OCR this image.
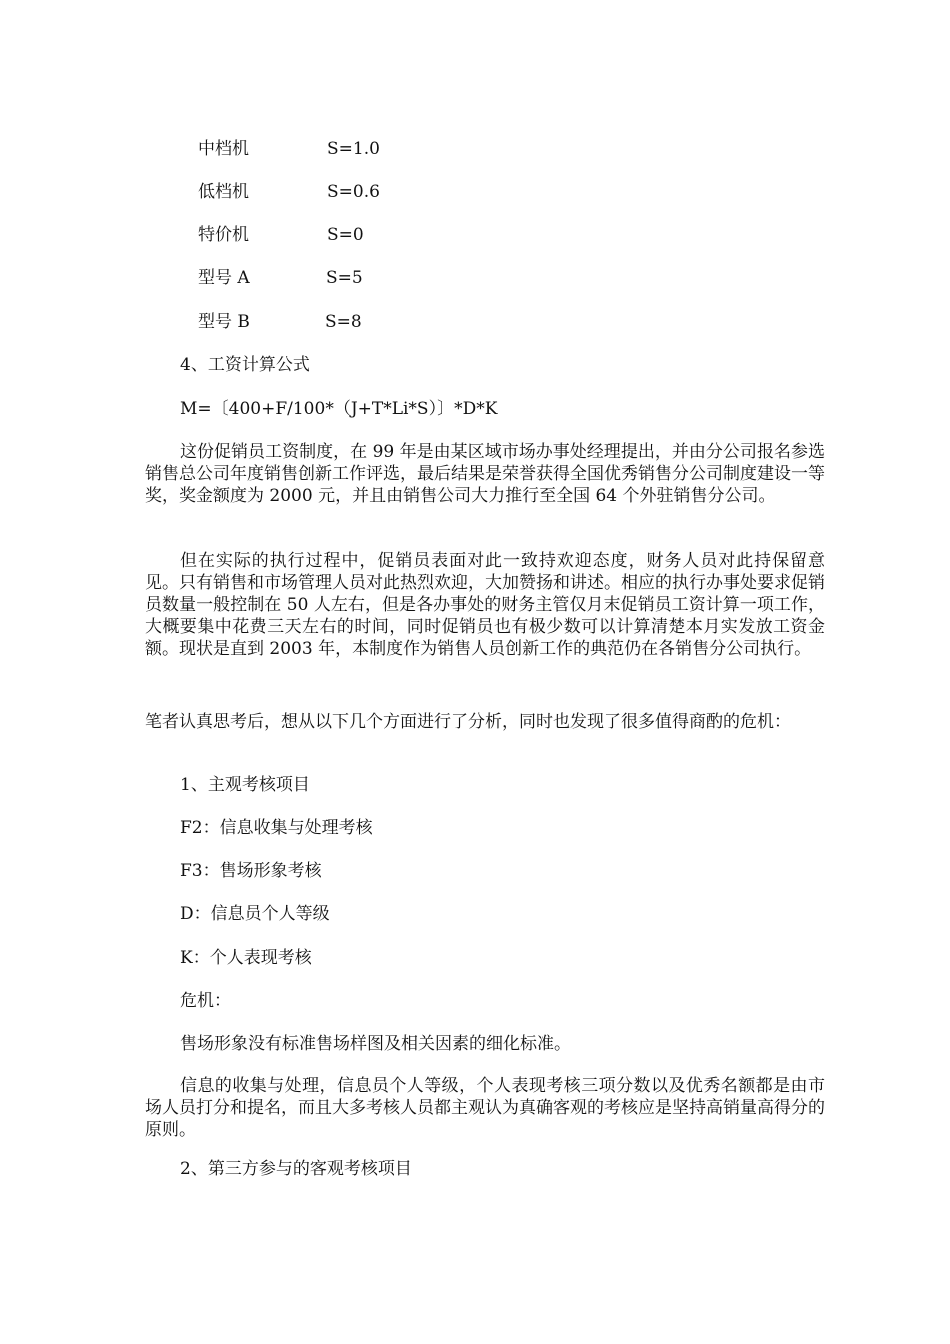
中档机	S=1.0
低档机	S=0.6
特价机	S=0
型号 A	S=5
型号 B	S=8
4、工资计算公式
M=〔400+F/100*（J+T*Li*S）〕*D*K
这份促销员工资制度，在 99 年是由某区域市场办事处经理提出，并由分公司报名参选销售总公司年度销售创新工作评选，最后结果是荣誉获得全国优秀销售分公司制度建设一等奖，奖金额度为 2000 元，并且由销售公司大力推行至全国 64 个外驻销售分公司。
但在实际的执行过程中，促销员表面对此一致持欢迎态度，财务人员对此持保留意见。只有销售和市场管理人员对此热烈欢迎，大加赞扬和讲述。相应的执行办事处要求促销员数量一般控制在 50 人左右，但是各办事处的财务主管仅月末促销员工资计算一项工作，大概要集中花费三天左右的时间，同时促销员也有极少数可以计算清楚本月实发放工资金额。现状是直到 2003 年，本制度作为销售人员创新工作的典范仍在各销售分公司执行。
笔者认真思考后，想从以下几个方面进行了分析，同时也发现了很多值得商酌的危机：
1、主观考核项目
F2：信息收集与处理考核
F3：售场形象考核
D：信息员个人等级
K：个人表现考核
危机：
售场形象没有标准售场样图及相关因素的细化标准。
信息的收集与处理，信息员个人等级，个人表现考核三项分数以及优秀名额都是由市场人员打分和提名，而且大多考核人员都主观认为真确客观的考核应是坚持高销量高得分的原则。
2、第三方参与的客观考核项目
